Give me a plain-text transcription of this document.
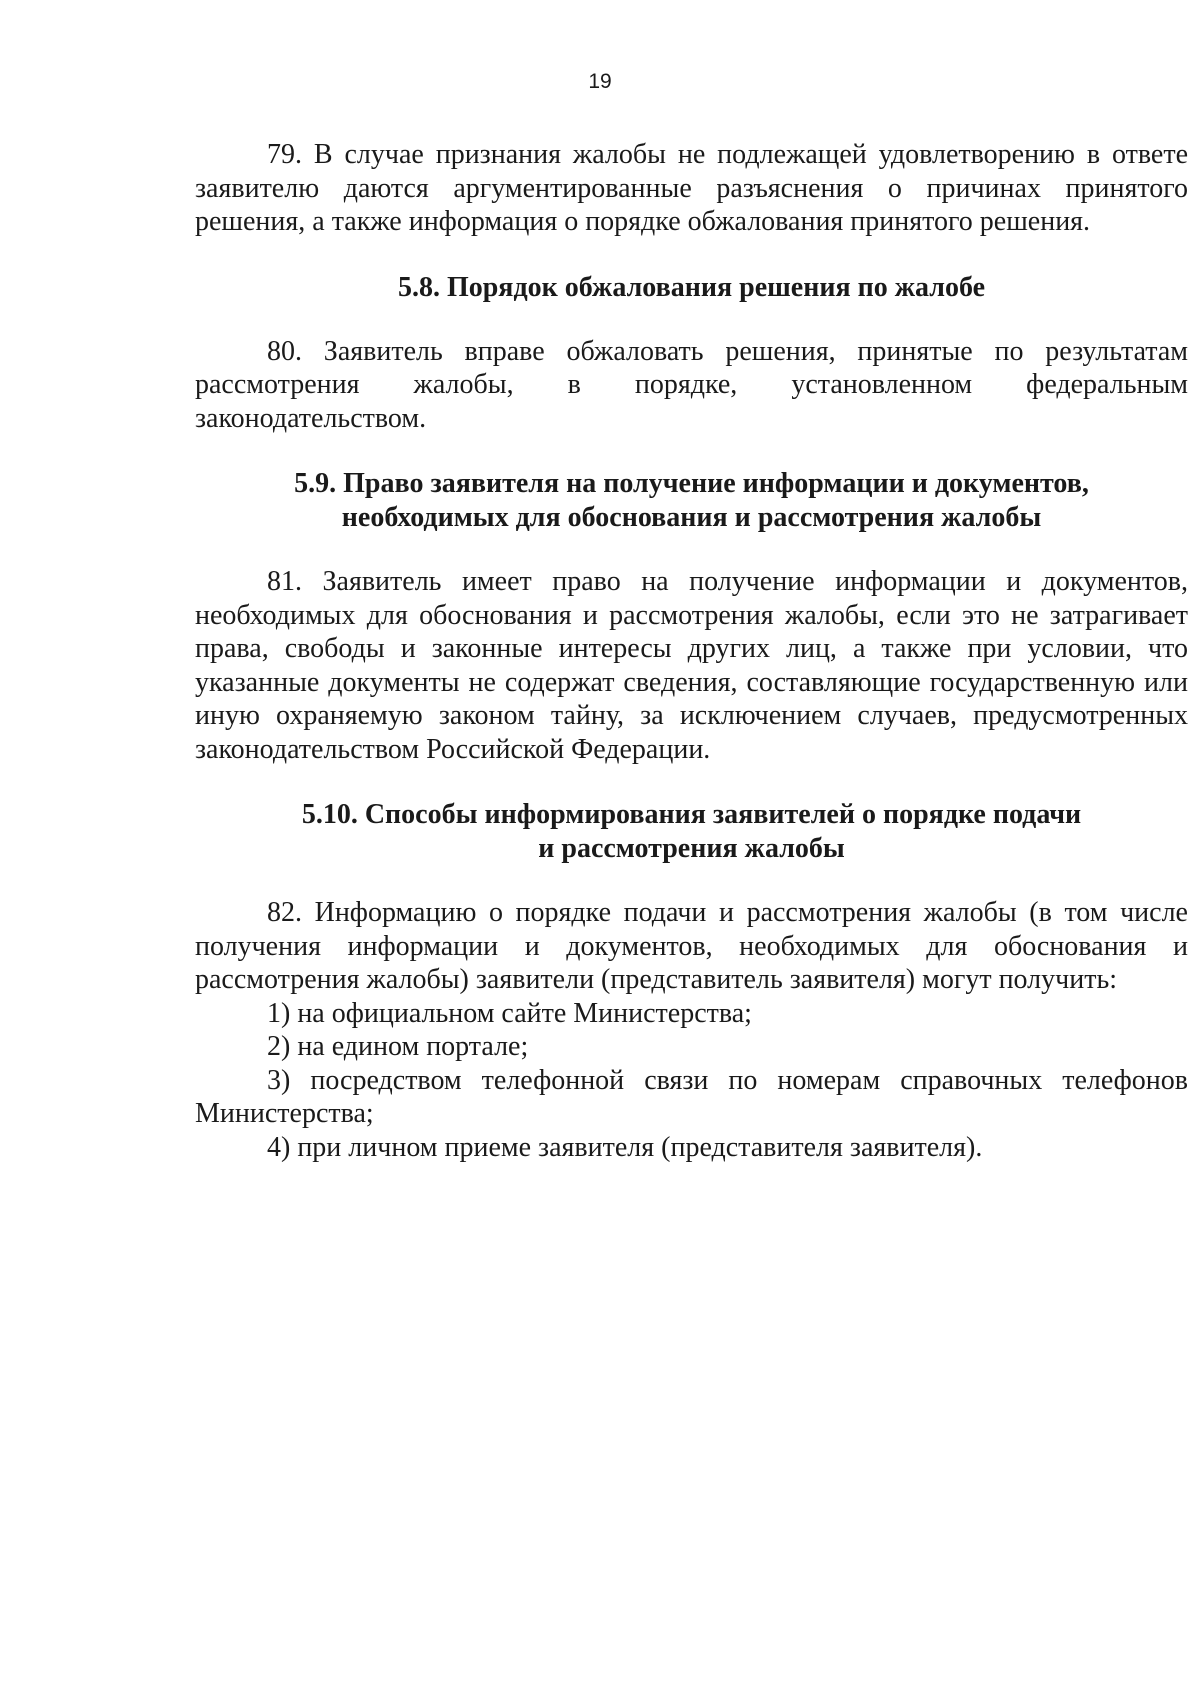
19

79. В случае признания жалобы не подлежащей удовлетворению в ответе заявителю даются аргументированные разъяснения о причинах принятого решения, а также информация о порядке обжалования принятого решения.

5.8. Порядок обжалования решения по жалобе

80. Заявитель вправе обжаловать решения, принятые по результатам рассмотрения жалобы, в порядке, установленном федеральным законодательством.

5.9. Право заявителя на получение информации и документов,
необходимых для обоснования и рассмотрения жалобы

81. Заявитель имеет право на получение информации и документов, необходимых для обоснования и рассмотрения жалобы, если это не затрагивает права, свободы и законные интересы других лиц, а также при условии, что указанные документы не содержат сведения, составляющие государственную или иную охраняемую законом тайну, за исключением случаев, предусмотренных законодательством Российской Федерации.

5.10. Способы информирования заявителей о порядке подачи
и рассмотрения жалобы

82. Информацию о порядке подачи и рассмотрения жалобы (в том числе получения информации и документов, необходимых для обоснования и рассмотрения жалобы) заявители (представитель заявителя) могут получить:

1) на официальном сайте Министерства;

2) на едином портале;

3) посредством телефонной связи по номерам справочных телефонов Министерства;

4) при личном приеме заявителя (представителя заявителя).
